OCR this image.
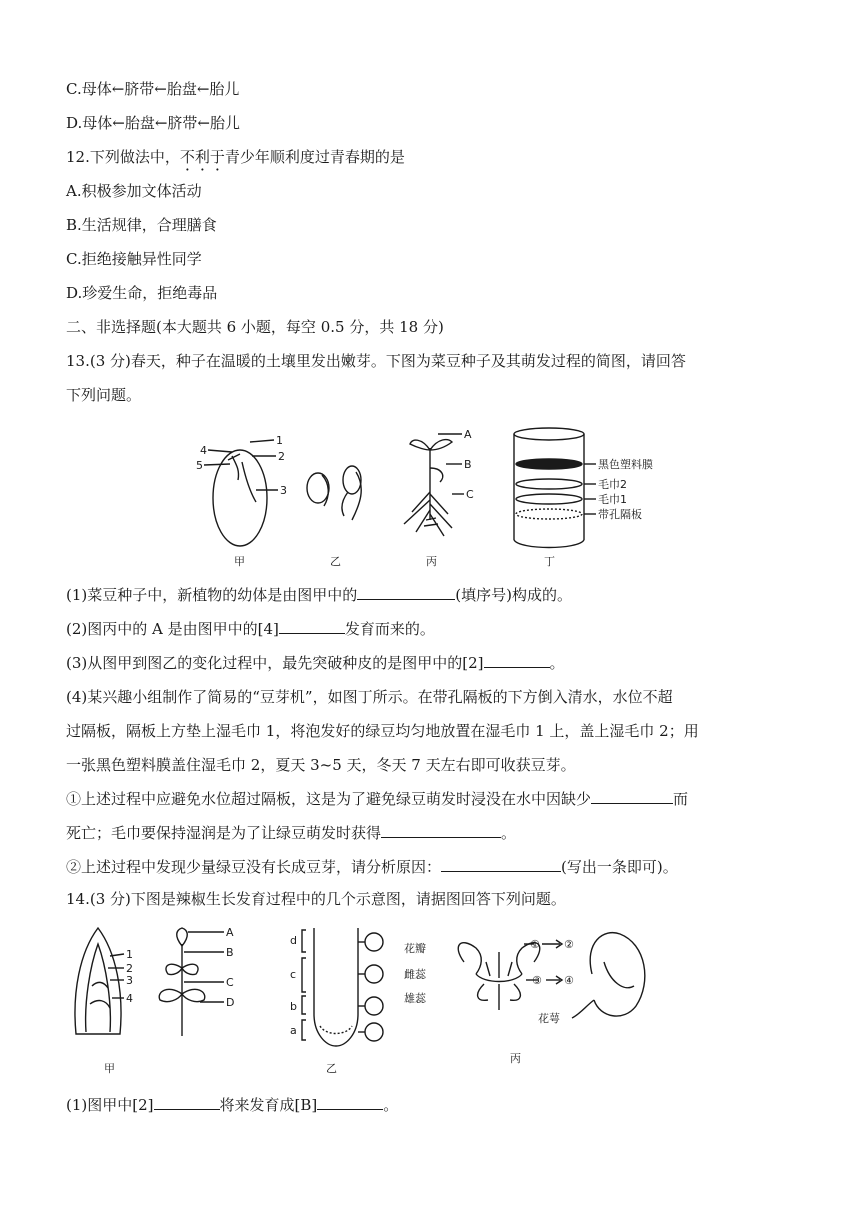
C.母体←脐带←胎盘←胎儿
D.母体←胎盘←脐带←胎儿
12.下列做法中，不利于青少年顺利度过青春期的是
A.积极参加文体活动
B.生活规律，合理膳食
C.拒绝接触异性同学
D.珍爱生命，拒绝毒品
二、非选择题(本大题共 6 小题，每空 0.5 分，共 18 分)
13.(3 分)春天，种子在温暖的土壤里发出嫩芽。下图为菜豆种子及其萌发过程的简图，请回答
下列问题。
1
2
3
4
5
A
B
C
黑色塑料膜
毛巾2
毛巾1
带孔隔板
甲	乙	丙	丁
(1)菜豆种子中，新植物的幼体是由图甲中的	(填序号)构成的。
(2)图丙中的 A 是由图甲中的[4]	发育而来的。
(3)从图甲到图乙的变化过程中，最先突破种皮的是图甲中的[2]	。
(4)某兴趣小组制作了简易的“豆芽机”，如图丁所示。在带孔隔板的下方倒入清水，水位不超
过隔板，隔板上方垫上湿毛巾 1，将泡发好的绿豆均匀地放置在湿毛巾 1 上，盖上湿毛巾 2；用
一张黑色塑料膜盖住湿毛巾 2，夏天 3~5 天，冬天 7 天左右即可收获豆芽。
①上述过程中应避免水位超过隔板，这是为了避免绿豆萌发时浸没在水中因缺少	而
死亡；毛巾要保持湿润是为了让绿豆萌发时获得	。
②上述过程中发现少量绿豆没有长成豆芽，请分析原因：	(写出一条即可)。
14.(3 分)下图是辣椒生长发育过程中的几个示意图，请据图回答下列问题。
1
2
3
4
A
B
C
D
d
c
b
a
花瓣
雌蕊
雄蕊
花萼
① ②
③ ④
甲	乙
丙
(1)图甲中[2]	将来发育成[B]	。
